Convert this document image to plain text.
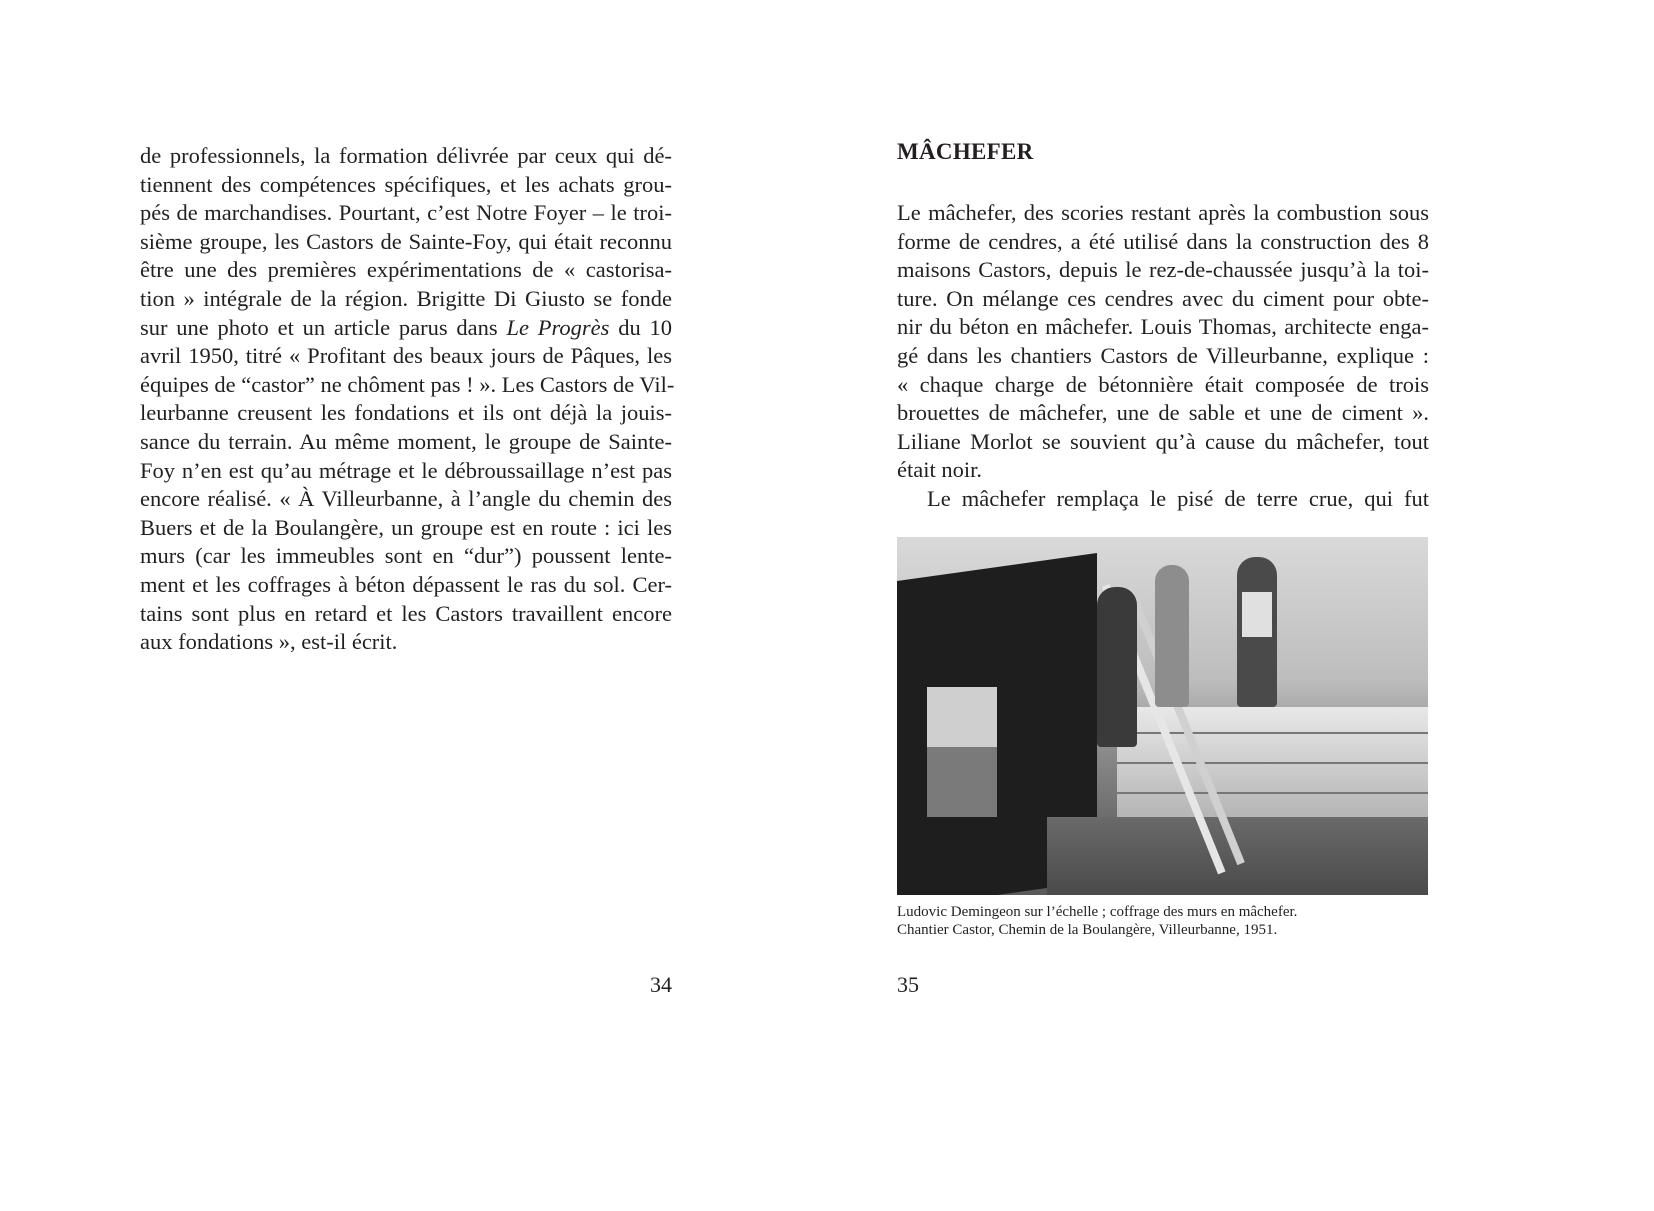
de professionnels, la formation délivrée par ceux qui dé-
tiennent des compétences spécifiques, et les achats grou-
pés de marchandises. Pourtant, c’est Notre Foyer – le troi-
sième groupe, les Castors de Sainte-Foy, qui était reconnu
être une des premières expérimentations de « castorisa-
tion » intégrale de la région. Brigitte Di Giusto se fonde
sur une photo et un article parus dans Le Progrès du 10
avril 1950, titré « Profitant des beaux jours de Pâques, les
équipes de “castor” ne chôment pas ! ». Les Castors de Vil-
leurbanne creusent les fondations et ils ont déjà la jouis-
sance du terrain. Au même moment, le groupe de Sainte-
Foy n’en est qu’au métrage et le débroussaillage n’est pas
encore réalisé. « À Villeurbanne, à l’angle du chemin des
Buers et de la Boulangère, un groupe est en route : ici les
murs (car les immeubles sont en “dur”) poussent lente-
ment et les coffrages à béton dépassent le ras du sol. Cer-
tains sont plus en retard et les Castors travaillent encore
aux fondations », est-il écrit.
34
MÂCHEFER
Le mâchefer, des scories restant après la combustion sous
forme de cendres, a été utilisé dans la construction des 8
maisons Castors, depuis le rez-de-chaussée jusqu’à la toi-
ture. On mélange ces cendres avec du ciment pour obte-
nir du béton en mâchefer. Louis Thomas, architecte enga-
gé dans les chantiers Castors de Villeurbanne, explique :
« chaque charge de bétonnière était composée de trois
brouettes de mâchefer, une de sable et une de ciment ».
Liliane Morlot se souvient qu’à cause du mâchefer, tout
était noir.
Le mâchefer remplaça le pisé de terre crue, qui fut
Ludovic Demingeon sur l’échelle ; coffrage des murs en mâchefer.
Chantier Castor, Chemin de la Boulangère, Villeurbanne, 1951.
35
